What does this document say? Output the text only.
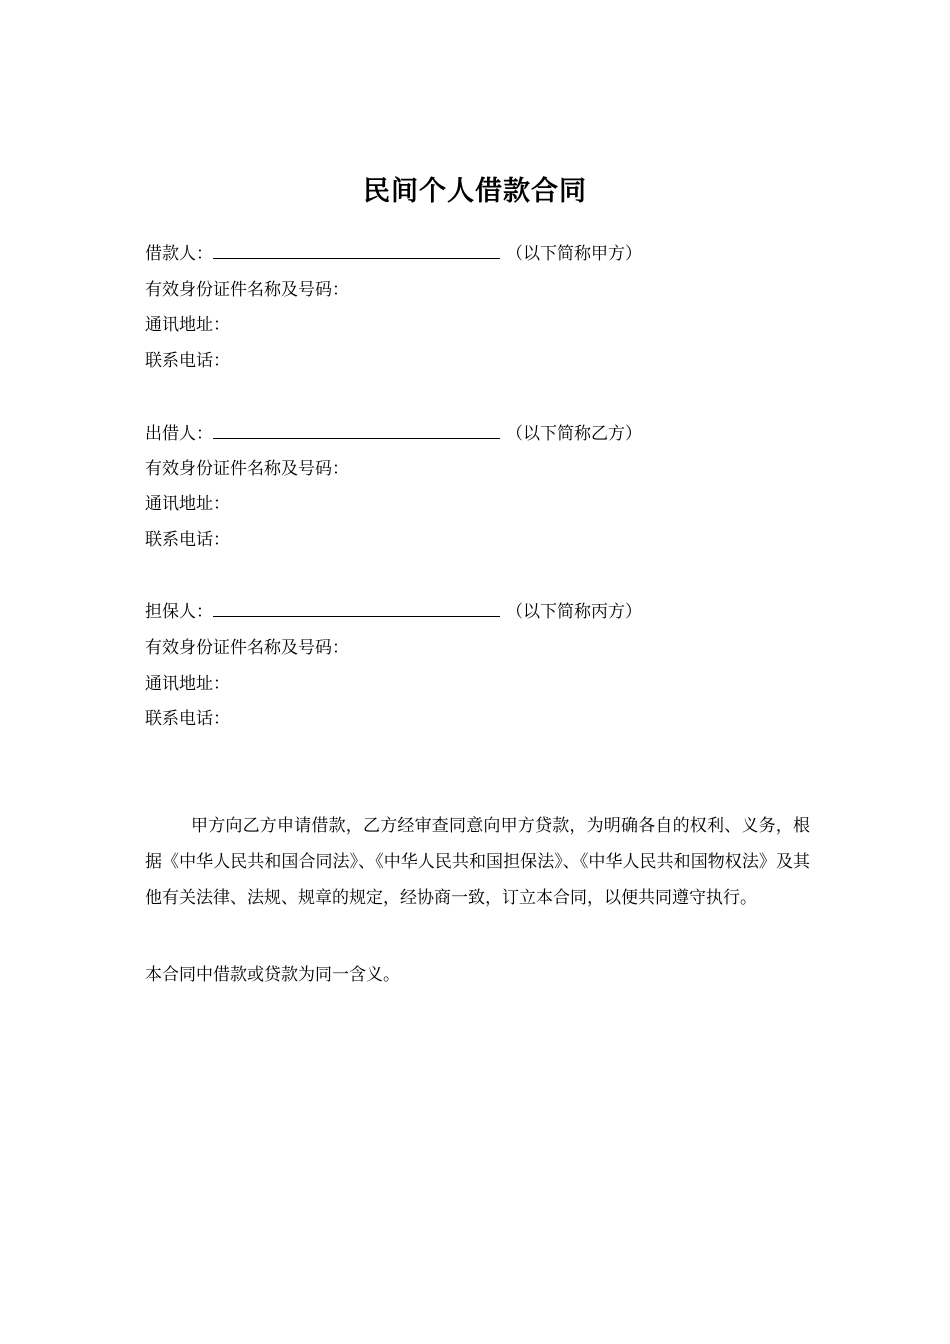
民间个人借款合同
借款人：	（以下简称甲方）
有效身份证件名称及号码：
通讯地址：
联系电话：
出借人：	（以下简称乙方）
有效身份证件名称及号码：
通讯地址：
联系电话：
担保人：	（以下简称丙方）
有效身份证件名称及号码：
通讯地址：
联系电话：

甲方向乙方申请借款，乙方经审查同意向甲方贷款，为明确各自的权利、义务，根据《中华人民共和国合同法》、《中华人民共和国担保法》、《中华人民共和国物权法》及其他有关法律、法规、规章的规定，经协商一致，订立本合同，以便共同遵守执行。

本合同中借款或贷款为同一含义。
